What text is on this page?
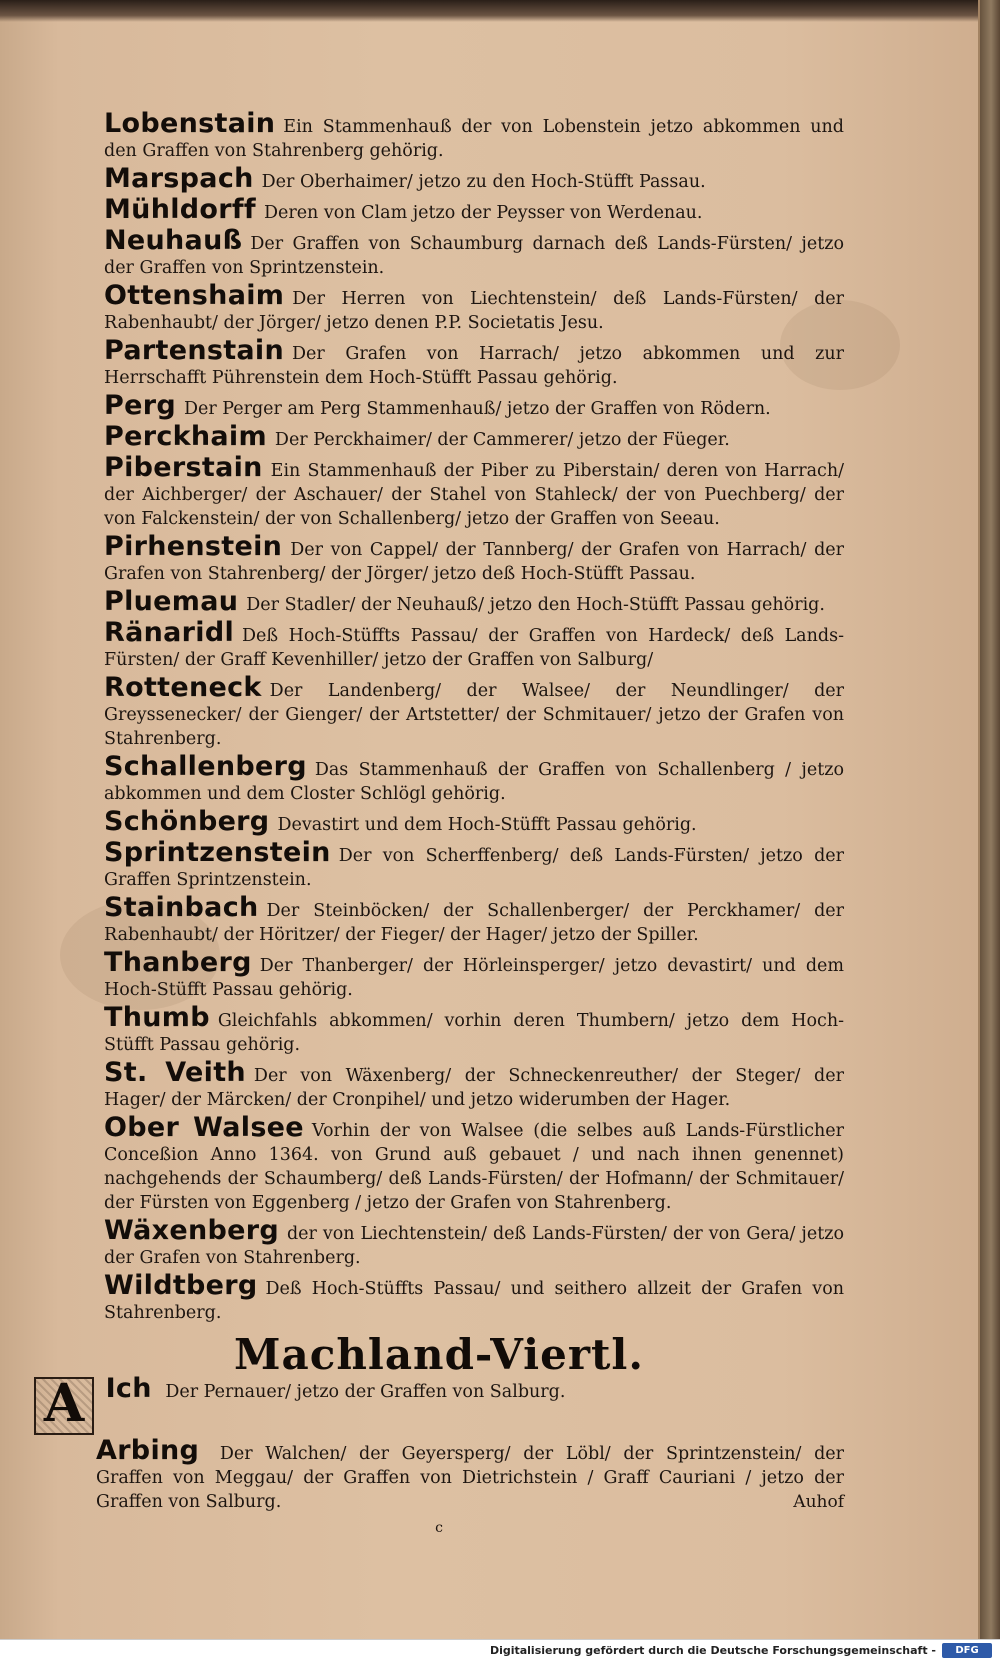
Lobenstain Ein Stammenhauß der von Lobenstein jetzo abkommen und den Graffen von Stahrenberg gehörig.
Marspach Der Oberhaimer/ jetzo zu den Hoch-Stüfft Passau.
Mühldorff Deren von Clam jetzo der Peysser von Werdenau.
Neuhauß Der Graffen von Schaumburg darnach deß Lands-Fürsten/ jetzo der Graffen von Sprintzenstein.
Ottenshaim Der Herren von Liechtenstein/ deß Lands-Fürsten/ der Rabenhaubt/ der Jörger/ jetzo denen P.P. Societatis Jesu.
Partenstain Der Grafen von Harrach/ jetzo abkommen und zur Herrschafft Pührenstein dem Hoch-Stüfft Passau gehörig.
Perg Der Perger am Perg Stammenhauß/ jetzo der Graffen von Rödern.
Perckhaim Der Perckhaimer/ der Cammerer/ jetzo der Füeger.
Piberstain Ein Stammenhauß der Piber zu Piberstain/ deren von Harrach/ der Aichberger/ der Aschauer/ der Stahel von Stahleck/ der von Puechberg/ der von Falckenstein/ der von Schallenberg/ jetzo der Graffen von Seeau.
Pirhenstein Der von Cappel/ der Tannberg/ der Grafen von Harrach/ der Grafen von Stahrenberg/ der Jörger/ jetzo deß Hoch-Stüfft Passau.
Pluemau Der Stadler/ der Neuhauß/ jetzo den Hoch-Stüfft Passau gehörig.
Ränaridl Deß Hoch-Stüffts Passau/ der Graffen von Hardeck/ deß Lands-Fürsten/ der Graff Kevenhiller/ jetzo der Graffen von Salburg/
Rotteneck Der Landenberg/ der Walsee/ der Neundlinger/ der Greyssenecker/ der Gienger/ der Artstetter/ der Schmitauer/ jetzo der Grafen von Stahrenberg.
Schallenberg Das Stammenhauß der Graffen von Schallenberg / jetzo abkommen und dem Closter Schlögl gehörig.
Schönberg Devastirt und dem Hoch-Stüfft Passau gehörig.
Sprintzenstein Der von Scherffenberg/ deß Lands-Fürsten/ jetzo der Graffen Sprintzenstein.
Stainbach Der Steinböcken/ der Schallenberger/ der Perckhamer/ der Rabenhaubt/ der Höritzer/ der Fieger/ der Hager/ jetzo der Spiller.
Thanberg Der Thanberger/ der Hörleinsperger/ jetzo devastirt/ und dem Hoch-Stüfft Passau gehörig.
Thumb Gleichfahls abkommen/ vorhin deren Thumbern/ jetzo dem Hoch-Stüfft Passau gehörig.
St. Veith Der von Wäxenberg/ der Schneckenreuther/ der Steger/ der Hager/ der Märcken/ der Cronpihel/ und jetzo widerumben der Hager.
Ober Walsee Vorhin der von Walsee (die selbes auß Lands-Fürstlicher Conceßion Anno 1364. von Grund auß gebauet / und nach ihnen genennet) nachgehends der Schaumberg/ deß Lands-Fürsten/ der Hofmann/ der Schmitauer/ der Fürsten von Eggenberg / jetzo der Grafen von Stahrenberg.
Wäxenberg der von Liechtenstein/ deß Lands-Fürsten/ der von Gera/ jetzo der Grafen von Stahrenberg.
Wildtberg Deß Hoch-Stüffts Passau/ und seithero allzeit der Grafen von Stahrenberg.
Machland-Viertl.
A Ich Der Pernauer/ jetzo der Graffen von Salburg.
Arbing Der Walchen/ der Geyersperg/ der Löbl/ der Sprintzenstein/ der Graffen von Meggau/ der Graffen von Dietrichstein / Graff Cauriani / jetzo der Graffen von Salburg.	Auhof
c
Digitalisierung gefördert durch die Deutsche Forschungsgemeinschaft -	DFG
